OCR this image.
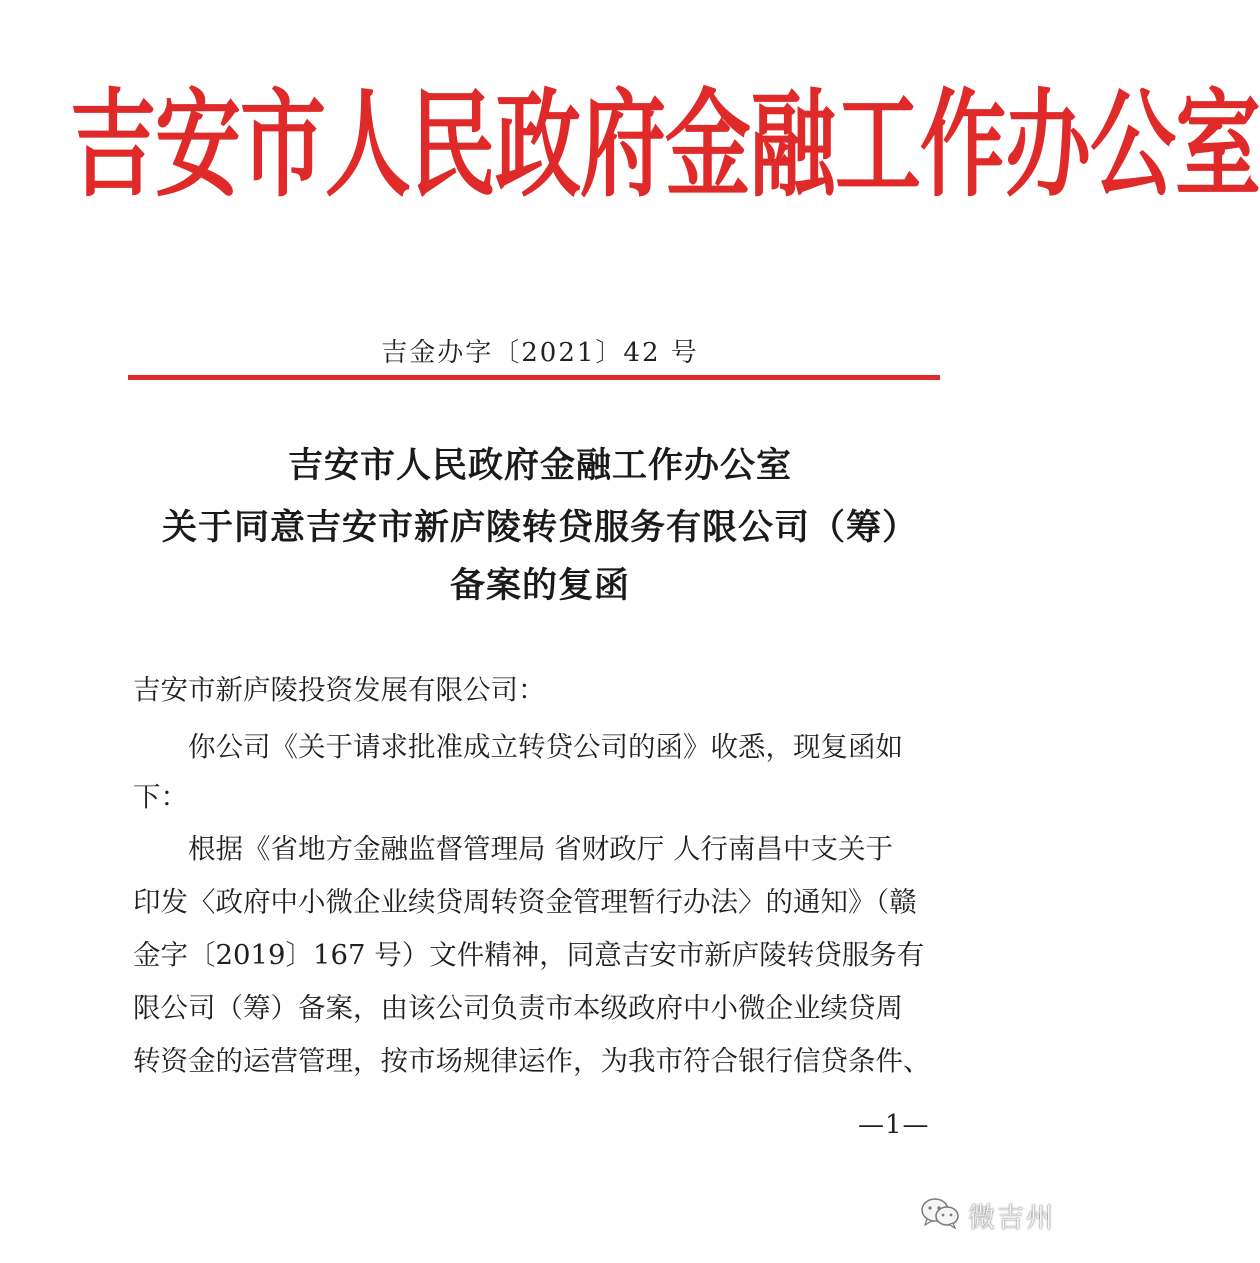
吉安市人民政府金融工作办公室
吉金办字〔2021〕42 号
吉安市人民政府金融工作办公室
关于同意吉安市新庐陵转贷服务有限公司（筹）
备案的复函
吉安市新庐陵投资发展有限公司：
　　你公司《关于请求批准成立转贷公司的函》收悉，现复函如
下：
　　根据《省地方金融监督管理局 省财政厅 人行南昌中支关于
印发〈政府中小微企业续贷周转资金管理暂行办法〉的通知》（赣
金字〔2019〕167 号）文件精神，同意吉安市新庐陵转贷服务有
限公司（筹）备案，由该公司负责市本级政府中小微企业续贷周
转资金的运营管理，按市场规律运作，为我市符合银行信贷条件、
—1—
微吉州
